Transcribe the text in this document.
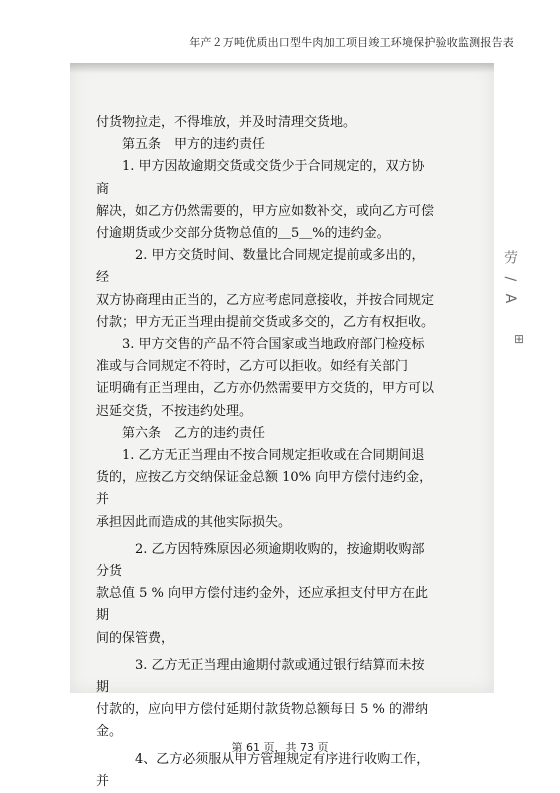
年产２万吨优质出口型牛肉加工项目竣工环境保护验收监测报告表

付货物拉走，不得堆放，并及时清理交货地。

第五条　甲方的违约责任

1. 甲方因故逾期交货或交货少于合同规定的，双方协商

解决，如乙方仍然需要的，甲方应如数补交，或向乙方可偿

付逾期货或少交部分货物总值的＿5＿%的违约金。

2. 甲方交货时间、数量比合同规定提前或多出的，经

双方协商理由正当的，乙方应考虑同意接收，并按合同规定

付款；甲方无正当理由提前交货或多交的，乙方有权拒收。

3. 甲方交售的产品不符合国家或当地政府部门检疫标

准或与合同规定不符时，乙方可以拒收。如经有关部门

证明确有正当理由，乙方亦仍然需要甲方交货的，甲方可以

迟延交货，不按违约处理。

第六条　乙方的违约责任

1. 乙方无正当理由不按合同规定拒收或在合同期间退

货的，应按乙方交纳保证金总额 10% 向甲方偿付违约金，并

承担因此而造成的其他实际损失。

2. 乙方因特殊原因必须逾期收购的，按逾期收购部分货

款总值 5 % 向甲方偿付违约金外，还应承担支付甲方在此期

间的保管费，

3. 乙方无正当理由逾期付款或通过银行结算而未按期

付款的，应向甲方偿付延期付款货物总额每日 5 % 的滞纳金。

4、乙方必须服从甲方管理规定有序进行收购工作，并

劳 / A
⊞
第 61 页，共 73 页
